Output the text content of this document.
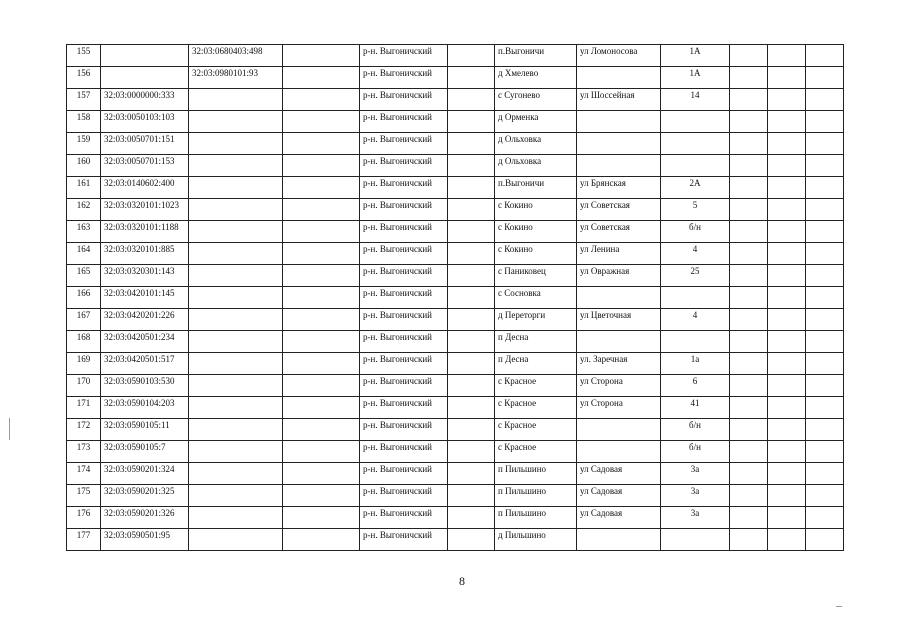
155		32:03:0680403:498		р-н. Выгоничский		п.Выгоничи	ул Ломоносова	1А			
156		32:03:0980101:93		р-н. Выгоничский		д Хмелево		1А			
157	32:03:0000000:333			р-н. Выгоничский		с Сугонево	ул Шоссейная	14			
158	32:03:0050103:103			р-н. Выгоничский		д Орменка					
159	32:03:0050701:151			р-н. Выгоничский		д Ольховка					
160	32:03:0050701:153			р-н. Выгоничский		д Ольховка					
161	32:03:0140602:400			р-н. Выгоничский		п.Выгоничи	ул Брянская	2А			
162	32:03:0320101:1023			р-н. Выгоничский		с Кокино	ул Советская	5			
163	32:03:0320101:1188			р-н. Выгоничский		с Кокино	ул Советская	б/н			
164	32:03:0320101:885			р-н. Выгоничский		с Кокино	ул Ленина	4			
165	32:03:0320301:143			р-н. Выгоничский		с Паниковец	ул Овражная	25			
166	32:03:0420101:145			р-н. Выгоничский		с Сосновка					
167	32:03:0420201:226			р-н. Выгоничский		д Переторги	ул Цветочная	4			
168	32:03:0420501:234			р-н. Выгоничский		п Десна					
169	32:03:0420501:517			р-н. Выгоничский		п Десна	ул. Заречная	1а			
170	32:03:0590103:530			р-н. Выгоничский		с Красное	ул Сторона	6			
171	32:03:0590104:203			р-н. Выгоничский		с Красное	ул Сторона	41			
172	32:03:0590105:11			р-н. Выгоничский		с Красное		б/н			
173	32:03:0590105:7			р-н. Выгоничский		с Красное		б/н			
174	32:03:0590201:324			р-н. Выгоничский		п Пильшино	ул Садовая	3а			
175	32:03:0590201:325			р-н. Выгоничский		п Пильшино	ул Садовая	3а			
176	32:03:0590201:326			р-н. Выгоничский		п Пильшино	ул Садовая	3а			
177	32:03:0590501:95			р-н. Выгоничский		д Пильшино					
8
